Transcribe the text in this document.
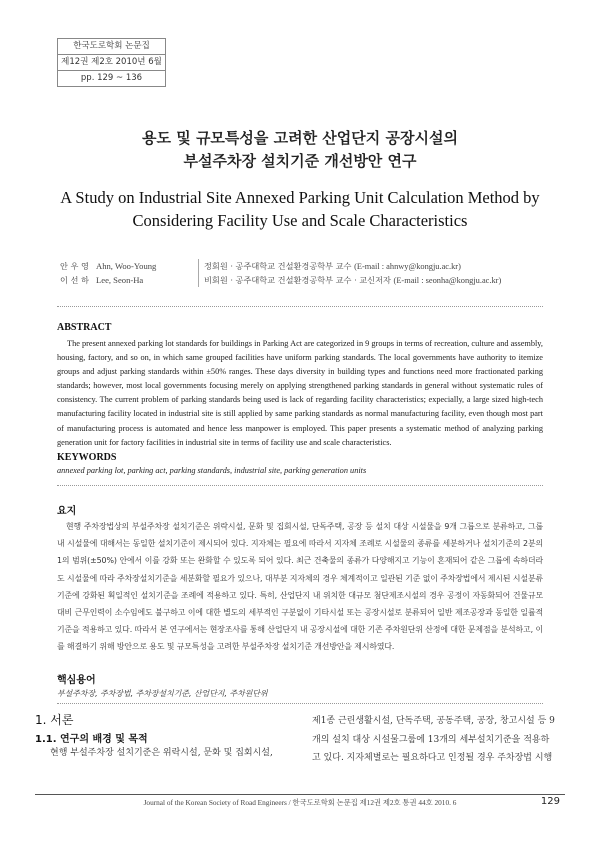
한국도로학회 논문집
제12권 제2호 2010년 6월
pp. 129 ~ 136
용도 및 규모특성을 고려한 산업단지 공장시설의
부설주차장 설치기준 개선방안 연구
A Study on Industrial Site Annexed Parking Unit Calculation Method by
Considering Facility Use and Scale Characteristics
안 우 영 Ahn, Woo-Young	정회원 · 공주대학교 건설환경공학부 교수 (E-mail : ahnwy@kongju.ac.kr)
이 선 하 Lee, Seon-Ha	비회원 · 공주대학교 건설환경공학부 교수 · 교신저자 (E-mail : seonha@kongju.ac.kr)
ABSTRACT
The present annexed parking lot standards for buildings in Parking Act are categorized in 9 groups in terms of recreation, culture and assembly, housing, factory, and so on, in which same grouped facilities have uniform parking standards. The local governments have authority to itemize groups and adjust parking standards within ±50% ranges. These days diversity in building types and functions need more fractionated parking standards; however, most local governments focusing merely on applying strengthened parking standards in general without systematic rules of consistency. The current problem of parking standards being used is lack of regarding facility characteristics; expecially, a large sized high-tech manufacturing facility located in industrial site is still applied by same parking standards as normal manufacturing facility, even though most part of manufacturing process is automated and hence less manpower is employed. This paper presents a systematic method of analyzing parking generation unit for factory facilities in industrial site in terms of facility use and scale characteristics.
KEYWORDS
annexed parking lot, parking act, parking standards, industrial site, parking generation units
요지
현행 주차장법상의 부설주차장 설치기준은 위락시설, 문화 및 집회시설, 단독주택, 공장 등 설치 대상 시설물을 9개 그룹으로 분류하고, 그룹 내 시설물에 대해서는 동일한 설치기준이 제시되어 있다. 지자체는 필요에 따라서 지자체 조례로 시설물의 종류를 세분하거나 설치기준의 2분의 1의 범위(±50%) 안에서 이를 강화 또는 완화할 수 있도록 되어 있다. 최근 건축물의 종류가 다양해지고 기능이 혼재되어 같은 그룹에 속하더라도 시설물에 따라 주차장설치기준을 세분화할 필요가 있으나, 대부분 지자체의 경우 체계적이고 일관된 기준 없이 주차장법에서 제시된 시설분류기준에 강화된 획일적인 설치기준을 조례에 적용하고 있다. 특히, 산업단지 내 위치한 대규모 첨단제조시설의 경우 공정이 자동화되어 건물규모대비 근무인력이 소수임에도 불구하고 이에 대한 별도의 세부적인 구분없이 기타시설 또는 공장시설로 분류되어 일반 제조공장과 동일한 일률적 기준을 적용하고 있다. 따라서 본 연구에서는 현장조사를 통해 산업단지 내 공장시설에 대한 기존 주차원단위 산정에 대한 문제점을 분석하고, 이를 해결하기 위해 방안으로 용도 및 규모특성을 고려한 부설주차장 설치기준 개선방안을 제시하였다.
핵심용어
부설주차장, 주차장법, 주차장설치기준, 산업단지, 주차원단위
1. 서론
1.1. 연구의 배경 및 목적
현행 부설주차장 설치기준은 위락시설, 문화 및 집회시설,
제1종 근린생활시설, 단독주택, 공동주택, 공장, 창고시설 등 9
개의 설치 대상 시설물그룹에 13개의 세부설치기준을 적용하
고 있다. 지자체별로는 필요하다고 인정될 경우 주차장법 시행
Journal of the Korean Society of Road Engineers / 한국도로학회 논문집 제12권 제2호 통권 44호 2010. 6	129
